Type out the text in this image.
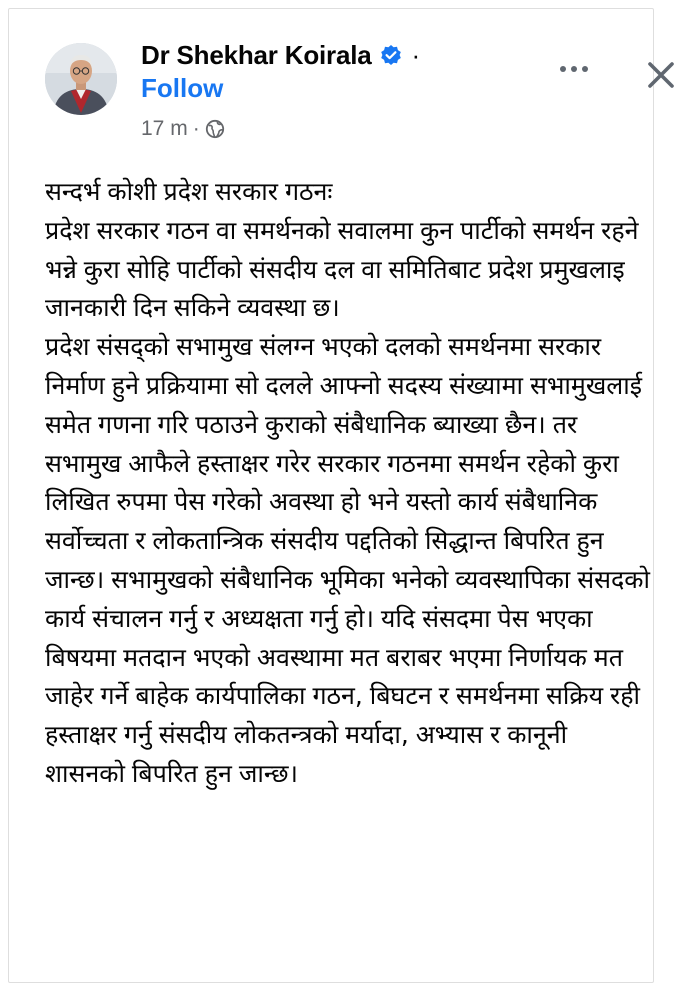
Dr Shekhar Koirala ·
Follow
17 m ·

सन्दर्भ कोशी प्रदेश सरकार गठनः

प्रदेश सरकार गठन वा समर्थनको सवालमा कुन पार्टीको समर्थन रहने भन्ने कुरा सोहि पार्टीको संसदीय दल वा समितिबाट प्रदेश प्रमुखलाइ जानकारी दिन सकिने व्यवस्था छ।

प्रदेश संसद्को सभामुख संलग्न भएको दलको समर्थनमा सरकार निर्माण हुने प्रक्रियामा सो दलले आफ्नो सदस्य संख्यामा सभामुखलाई समेत गणना गरि पठाउने कुराको संबैधानिक ब्याख्या छैन। तर सभामुख आफैले हस्ताक्षर गरेर सरकार गठनमा समर्थन रहेको कुरा लिखित रुपमा पेस गरेको अवस्था हो भने यस्तो कार्य संबैधानिक सर्वोच्चता र लोकतान्त्रिक संसदीय पद्दतिको सिद्धान्त बिपरित हुन जान्छ। सभामुखको संबैधानिक भूमिका भनेको व्यवस्थापिका संसदको कार्य संचालन गर्नु र अध्यक्षता गर्नु हो। यदि संसदमा पेस भएका बिषयमा मतदान भएको अवस्थामा मत बराबर भएमा निर्णायक मत जाहेर गर्ने बाहेक कार्यपालिका गठन, बिघटन र समर्थनमा सक्रिय रही हस्ताक्षर गर्नु संसदीय लोकतन्त्रको मर्यादा, अभ्यास र कानूनी शासनको बिपरित हुन जान्छ।
